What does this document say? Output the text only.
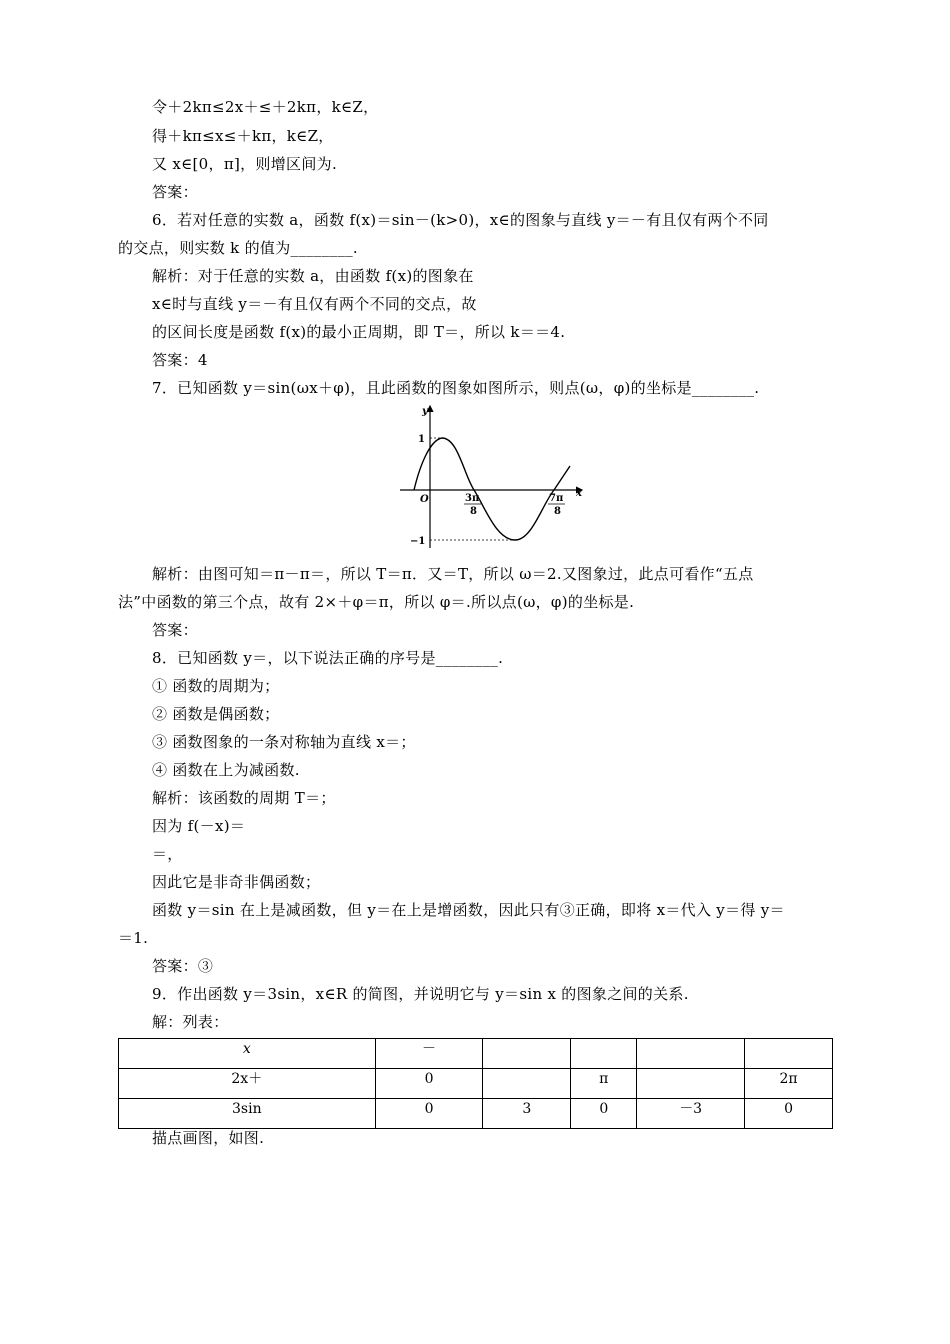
令＋2kπ≤2x＋≤＋2kπ，k∈Z，
得＋kπ≤x≤＋kπ，k∈Z，
又 x∈[0，π]，则增区间为.
答案：
6．若对任意的实数 a，函数 f(x)＝sin－(k>0)，x∈的图象与直线 y＝－有且仅有两个不同
的交点，则实数 k 的值为________.
解析：对于任意的实数 a，由函数 f(x)的图象在
x∈时与直线 y＝－有且仅有两个不同的交点，故
的区间长度是函数 f(x)的最小正周期，即 T＝，所以 k＝＝4.
答案：4
7．已知函数 y＝sin(ωx＋φ)，且此函数的图象如图所示，则点(ω，φ)的坐标是________.
y
x
O
1
−1
3π
8
7π
8
解析：由图可知＝π－π＝，所以 T＝π．又＝T，所以 ω＝2.又图象过，此点可看作“五点
法”中函数的第三个点，故有 2×＋φ＝π，所以 φ＝.所以点(ω，φ)的坐标是.
答案：
8．已知函数 y＝，以下说法正确的序号是________.
① 函数的周期为；
② 函数是偶函数；
③ 函数图象的一条对称轴为直线 x＝；
④ 函数在上为减函数.
解析：该函数的周期 T＝；
因为 f(－x)＝
＝，
因此它是非奇非偶函数；
函数 y＝sin 在上是减函数，但 y＝在上是增函数，因此只有③正确，即将 x＝代入 y＝得 y＝
＝1.
答案：③
9．作出函数 y＝3sin，x∈R 的简图，并说明它与 y＝sin x 的图象之间的关系.
解：列表：
x	－				
2x＋	0		π		2π
3sin	0	3	0	－3	0
描点画图，如图.
